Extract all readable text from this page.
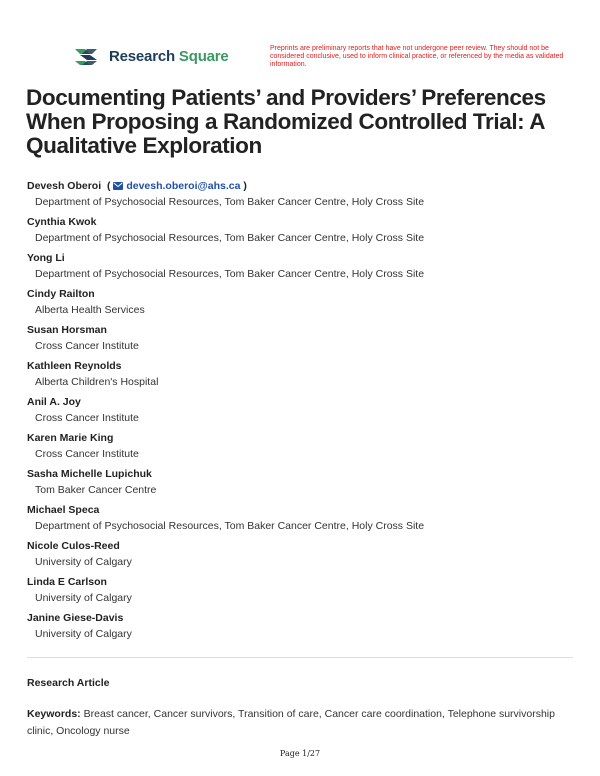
Research Square	Preprints are preliminary reports that have not undergone peer review. They should not be considered conclusive, used to inform clinical practice, or referenced by the media as validated information.
Documenting Patients’ and Providers’ Preferences When Proposing a Randomized Controlled Trial: A Qualitative Exploration
Devesh Oberoi ( devesh.oberoi@ahs.ca )
Department of Psychosocial Resources, Tom Baker Cancer Centre, Holy Cross Site
Cynthia Kwok
Department of Psychosocial Resources, Tom Baker Cancer Centre, Holy Cross Site
Yong Li
Department of Psychosocial Resources, Tom Baker Cancer Centre, Holy Cross Site
Cindy Railton
Alberta Health Services
Susan Horsman
Cross Cancer Institute
Kathleen Reynolds
Alberta Children's Hospital
Anil A. Joy
Cross Cancer Institute
Karen Marie King
Cross Cancer Institute
Sasha Michelle Lupichuk
Tom Baker Cancer Centre
Michael Speca
Department of Psychosocial Resources, Tom Baker Cancer Centre, Holy Cross Site
Nicole Culos-Reed
University of Calgary
Linda E Carlson
University of Calgary
Janine Giese-Davis
University of Calgary
Research Article
Keywords: Breast cancer, Cancer survivors, Transition of care, Cancer care coordination, Telephone survivorship clinic, Oncology nurse
Page 1/27
